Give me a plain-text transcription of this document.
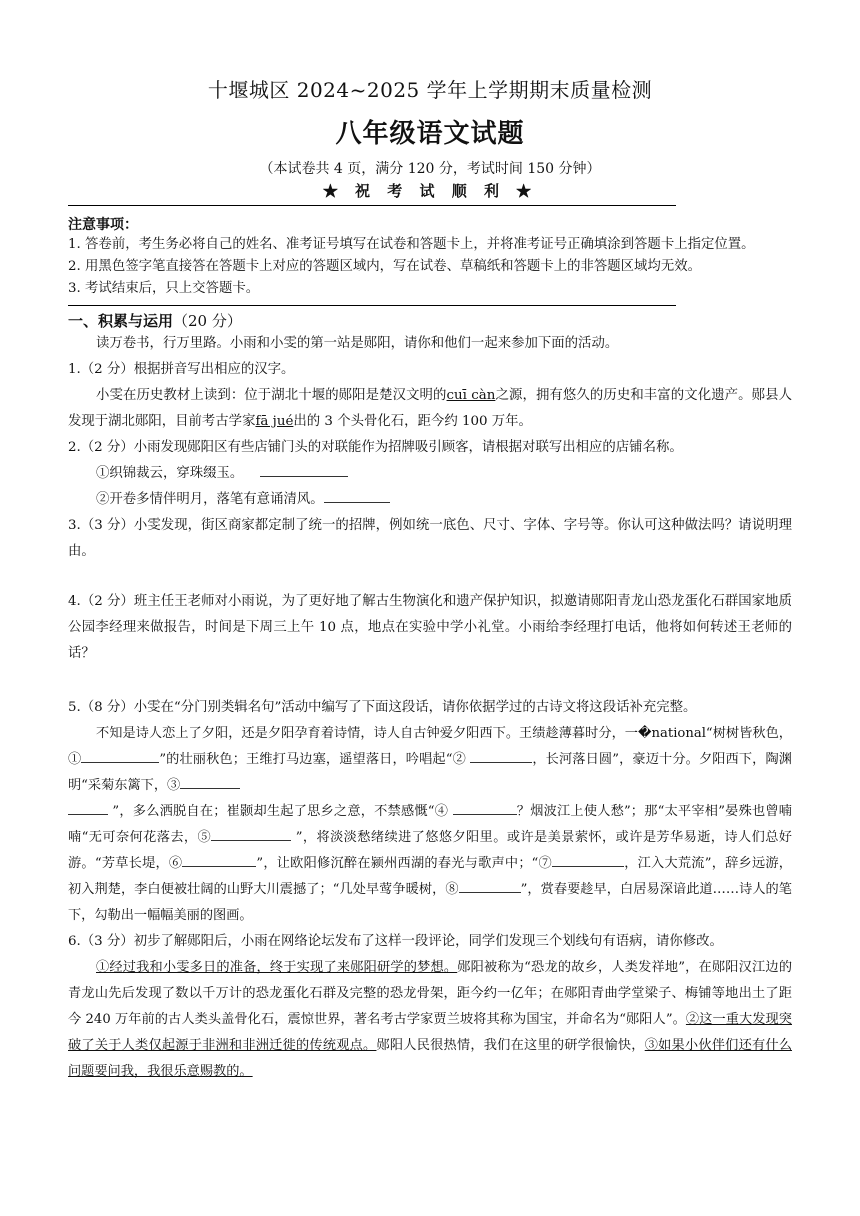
十堰城区 2024~2025 学年上学期期末质量检测
八年级语文试题
（本试卷共 4 页，满分 120 分，考试时间 150 分钟）
★ 祝 考 试 顺 利 ★
注意事项：
1. 答卷前，考生务必将自己的姓名、准考证号填写在试卷和答题卡上，并将准考证号正确填涂到答题卡上指定位置。
2. 用黑色签字笔直接答在答题卡上对应的答题区域内，写在试卷、草稿纸和答题卡上的非答题区域均无效。
3. 考试结束后，只上交答题卡。
一、积累与运用（20 分）

读万卷书，行万里路。小雨和小雯的第一站是郧阳，请你和他们一起来参加下面的活动。

1.（2 分）根据拼音写出相应的汉字。

小雯在历史教材上读到：位于湖北十堰的郧阳是楚汉文明的cuī càn之源，拥有悠久的历史和丰富的文化遗产。郧县人发现于湖北郧阳，目前考古学家fā jué出的 3 个头骨化石，距今约 100 万年。

2.（2 分）小雨发现郧阳区有些店铺门头的对联能作为招牌吸引顾客，请根据对联写出相应的店铺名称。

①织锦裁云，穿珠缀玉。

②开卷多情伴明月，落笔有意诵清风。

3.（3 分）小雯发现，街区商家都定制了统一的招牌，例如统一底色、尺寸、字体、字号等。你认可这种做法吗？请说明理由。

4.（2 分）班主任王老师对小雨说，为了更好地了解古生物演化和遗产保护知识，拟邀请郧阳青龙山恐龙蛋化石群国家地质公园李经理来做报告，时间是下周三上午 10 点，地点在实验中学小礼堂。小雨给李经理打电话，他将如何转述王老师的话？

5.（8 分）小雯在“分门别类辑名句”活动中编写了下面这段话，请你依据学过的古诗文将这段话补充完整。

不知是诗人恋上了夕阳，还是夕阳孕育着诗情，诗人自古钟爱夕阳西下。王绩趁薄暮时分，一�national“树树皆秋色，①	”的壮丽秋色；王维打马边塞，遥望落日，吟唱起“②	，长河落日圆”，豪迈十分。夕阳西下，陶渊明“采菊东篱下，③
”，多么洒脱自在；崔颢却生起了思乡之意，不禁感慨“④	？烟波江上使人愁”；那“太平宰相”晏殊也曾喃喃“无可奈何花落去，⑤	”，将淡淡愁绪续进了悠悠夕阳里。或许是美景萦怀，或许是芳华易逝，诗人们总好游。“芳草长堤，⑥	”，让欧阳修沉醉在颍州西湖的春光与歌声中；“⑦	，江入大荒流”，辞乡远游，初入荆楚，李白便被壮阔的山野大川震撼了；“几处早莺争暖树，⑧	”，赏春要趁早，白居易深谙此道……诗人的笔下，勾勒出一幅幅美丽的图画。

6.（3 分）初步了解郧阳后，小雨在网络论坛发布了这样一段评论，同学们发现三个划线句有语病，请你修改。

①经过我和小雯多日的准备，终于实现了来郧阳研学的梦想。郧阳被称为“恐龙的故乡，人类发祥地”，在郧阳汉江边的青龙山先后发现了数以千万计的恐龙蛋化石群及完整的恐龙骨架，距今约一亿年；在郧阳青曲学堂梁子、梅铺等地出土了距今 240 万年前的古人类头盖骨化石，震惊世界，著名考古学家贾兰坡将其称为国宝，并命名为“郧阳人”。②这一重大发现突破了关于人类仅起源于非洲和非洲迁徙的传统观点。郧阳人民很热情，我们在这里的研学很愉快，③如果小伙伴们还有什么问题要问我，我很乐意赐教的。
